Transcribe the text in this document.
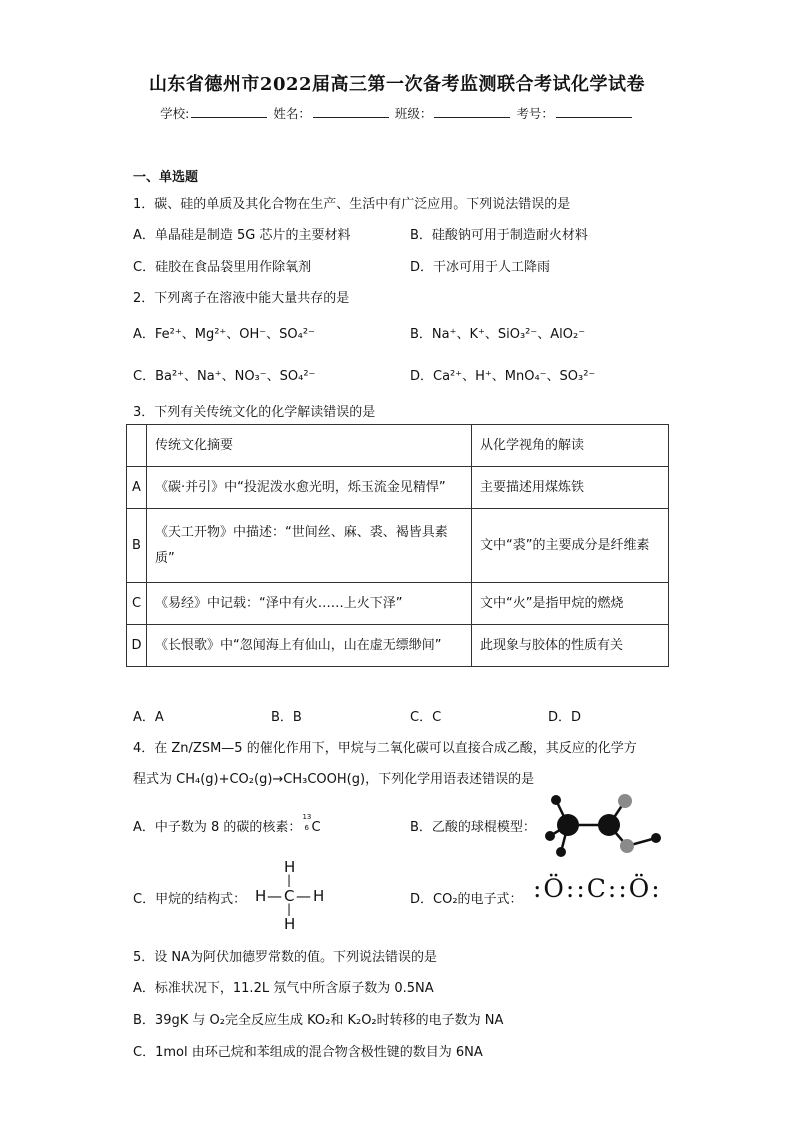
山东省德州市2022届高三第一次备考监测联合考试化学试卷
学校:	姓名：	班级：	考号：
一、单选题
1．碳、硅的单质及其化合物在生产、生活中有广泛应用。下列说法错误的是
A．单晶硅是制造 5G 芯片的主要材料	B．硅酸钠可用于制造耐火材料
C．硅胶在食品袋里用作除氧剂	D．干冰可用于人工降雨
2．下列离子在溶液中能大量共存的是
A．Fe²⁺、Mg²⁺、OH⁻、SO₄²⁻	B．Na⁺、K⁺、SiO₃²⁻、AlO₂⁻
C．Ba²⁺、Na⁺、NO₃⁻、SO₄²⁻	D．Ca²⁺、H⁺、MnO₄⁻、SO₃²⁻
3．下列有关传统文化的化学解读错误的是
	传统文化摘要	从化学视角的解读
A	《碳·并引》中“投泥泼水愈光明，烁玉流金见精悍”	主要描述用煤炼铁
B	《天工开物》中描述：“世间丝、麻、裘、褐皆具素质”	文中“裘”的主要成分是纤维素
C	《易经》中记载：“泽中有火……上火下泽”	文中“火”是指甲烷的燃烧
D	《长恨歌》中“忽闻海上有仙山，山在虚无缥缈间”	此现象与胶体的性质有关
A．A	B．B	C．C	D．D
4．在 Zn/ZSM—5 的催化作用下，甲烷与二氧化碳可以直接合成乙酸，其反应的化学方
程式为 CH₄(g)+CO₂(g)→CH₃COOH(g)，下列化学用语表述错误的是
A．中子数为 8 的碳的核素：
13
6 C	B．乙酸的球棍模型：
C．甲烷的结构式：
H
|
H — C — H
|
H
D．CO₂的电子式： :Ö::C::Ö:
5．设 NA为阿伏加德罗常数的值。下列说法错误的是
A．标准状况下，11.2L 氖气中所含原子数为 0.5NA
B．39gK 与 O₂完全反应生成 KO₂和 K₂O₂时转移的电子数为 NA
C．1mol 由环己烷和苯组成的混合物含极性键的数目为 6NA
